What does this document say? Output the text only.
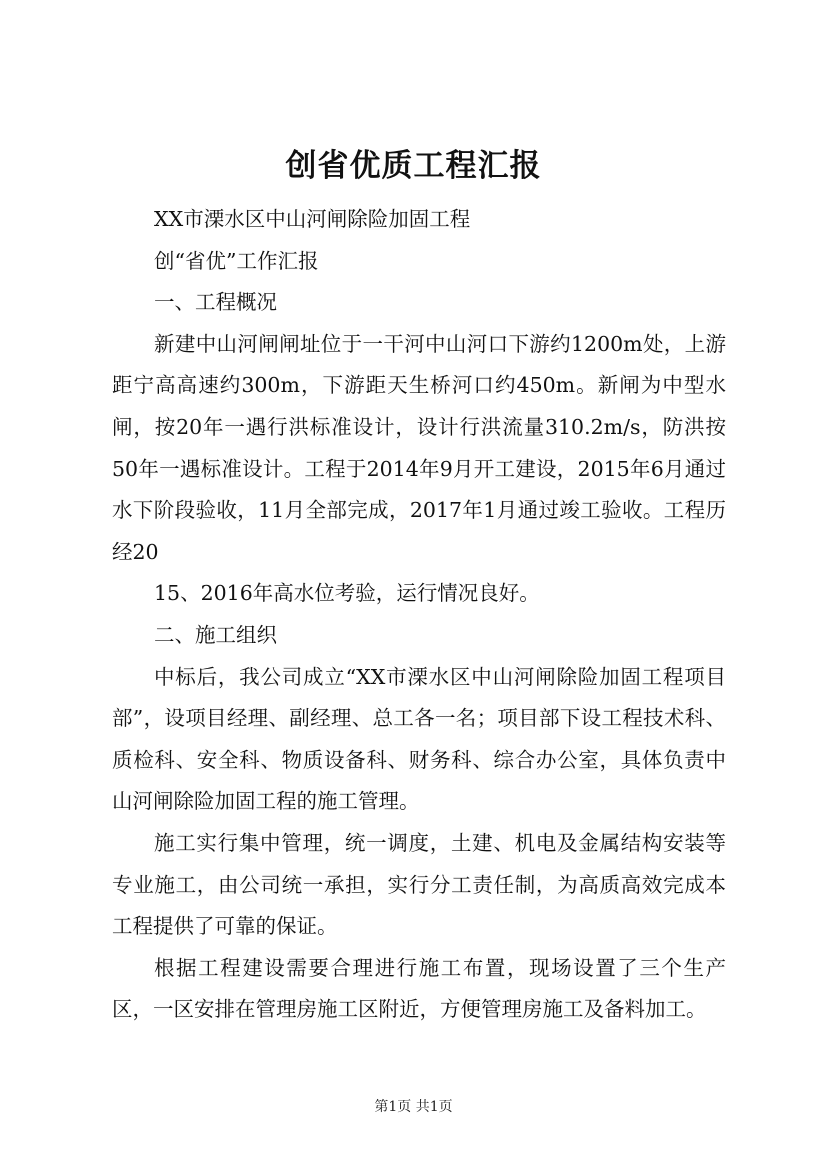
创省优质工程汇报

XX市溧水区中山河闸除险加固工程

创“省优”工作汇报

一、工程概况

新建中山河闸闸址位于一干河中山河口下游约1200m处，上游距宁高高速约300m，下游距天生桥河口约450m。新闸为中型水闸，按20年一遇行洪标准设计，设计行洪流量310.2m/s，防洪按50年一遇标准设计。工程于2014年9月开工建设，2015年6月通过水下阶段验收，11月全部完成，2017年1月通过竣工验收。工程历经20

15、2016年高水位考验，运行情况良好。

二、施工组织

中标后，我公司成立“XX市溧水区中山河闸除险加固工程项目部”，设项目经理、副经理、总工各一名；项目部下设工程技术科、质检科、安全科、物质设备科、财务科、综合办公室，具体负责中山河闸除险加固工程的施工管理。

施工实行集中管理，统一调度，土建、机电及金属结构安装等专业施工，由公司统一承担，实行分工责任制，为高质高效完成本工程提供了可靠的保证。

根据工程建设需要合理进行施工布置，现场设置了三个生产区，一区安排在管理房施工区附近，方便管理房施工及备料加工。

第1页 共1页
